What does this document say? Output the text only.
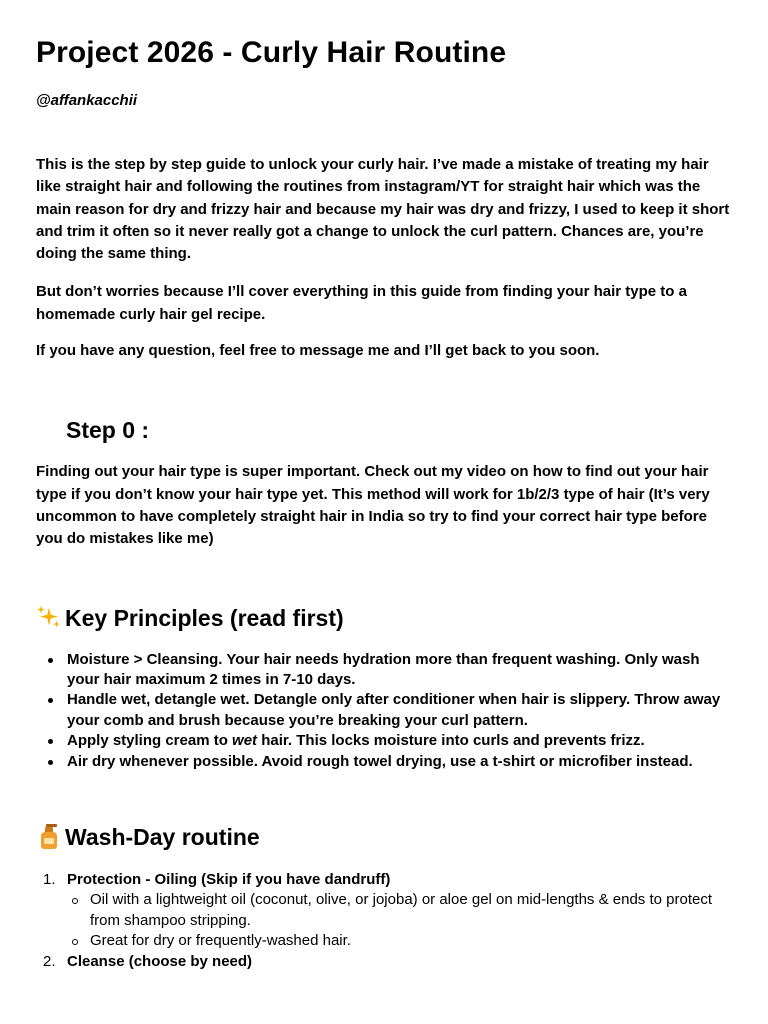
Project 2026 - Curly Hair Routine
@affankacchii

This is the step by step guide to unlock your curly hair. I’ve made a mistake of treating my hair like straight hair and following the routines from instagram/YT for straight hair which was the main reason for dry and frizzy hair and because my hair was dry and frizzy, I used to keep it short and trim it often so it never really got a change to unlock the curl pattern. Chances are, you’re doing the same thing.

But don’t worries because I’ll cover everything in this guide from finding your hair type to a homemade curly hair gel recipe.

If you have any question, feel free to message me and I’ll get back to you soon.

Step 0 :

Finding out your hair type is super important. Check out my video on how to find out your hair type if you don’t know your hair type yet. This method will work for 1b/2/3 type of hair (It’s very uncommon to have completely straight hair in India so try to find your correct hair type before you do mistakes like me)

Key Principles (read first)
Moisture > Cleansing. Your hair needs hydration more than frequent washing. Only wash your hair maximum 2 times in 7-10 days.
Handle wet, detangle wet. Detangle only after conditioner when hair is slippery. Throw away your comb and brush because you’re breaking your curl pattern.
Apply styling cream to wet hair. This locks moisture into curls and prevents frizz.
Air dry whenever possible. Avoid rough towel drying, use a t-shirt or microfiber instead.
Wash-Day routine
1. Protection - Oiling (Skip if you have dandruff)
Oil with a lightweight oil (coconut, olive, or jojoba) or aloe gel on mid-lengths & ends to protect from shampoo stripping.
Great for dry or frequently-washed hair.
2. Cleanse (choose by need)
